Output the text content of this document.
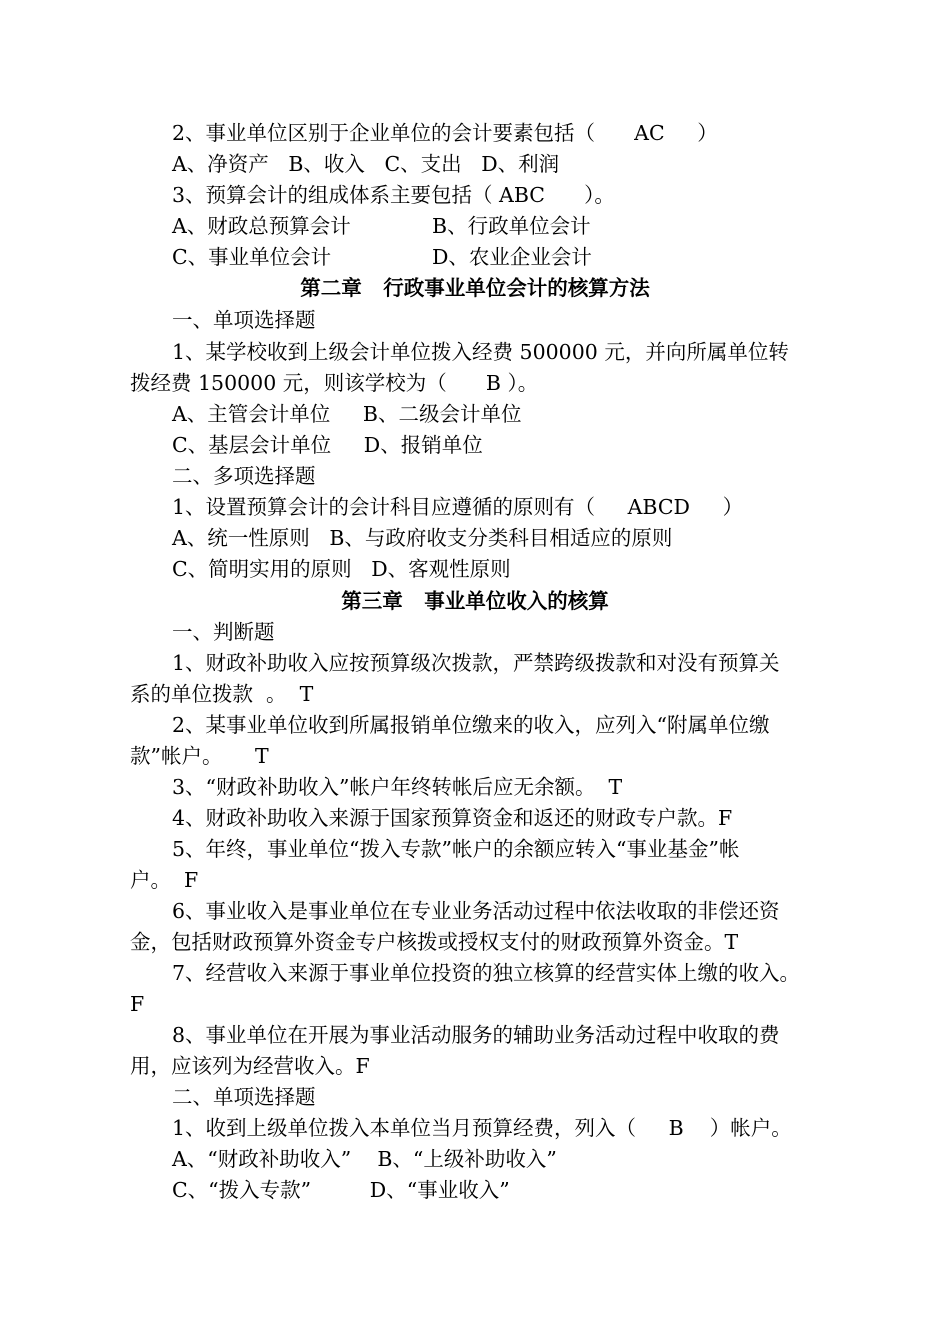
2、事业单位区别于企业单位的会计要素包括（      AC     ）
A、净资产   B、收入   C、支出   D、利润
3、预算会计的组成体系主要包括（ ABC      ）。
A、财政总预算会计	B、行政单位会计
C、事业单位会计	D、农业企业会计
第二章   行政事业单位会计的核算方法
一、单项选择题
1、某学校收到上级会计单位拨入经费 500000 元，并向所属单位转
拨经费 150000 元，则该学校为（      B ）。
A、主管会计单位     B、二级会计单位
C、基层会计单位     D、报销单位
二、多项选择题
1、设置预算会计的会计科目应遵循的原则有（     ABCD     ）
A、统一性原则   B、与政府收支分类科目相适应的原则
C、简明实用的原则   D、客观性原则
第三章   事业单位收入的核算
一、判断题
1、财政补助收入应按预算级次拨款，严禁跨级拨款和对没有预算关
系的单位拨款  。  T
2、某事业单位收到所属报销单位缴来的收入，应列入“附属单位缴
款”帐户。     T
3、“财政补助收入”帐户年终转帐后应无余额。  T
4、财政补助收入来源于国家预算资金和返还的财政专户款。F
5、年终，事业单位“拨入专款”帐户的余额应转入“事业基金”帐
户。  F
6、事业收入是事业单位在专业业务活动过程中依法收取的非偿还资
金，包括财政预算外资金专户核拨或授权支付的财政预算外资金。T
7、经营收入来源于事业单位投资的独立核算的经营实体上缴的收入。
F
8、事业单位在开展为事业活动服务的辅助业务活动过程中收取的费
用，应该列为经营收入。F
二、单项选择题
1、收到上级单位拨入本单位当月预算经费，列入（     B    ）帐户。
A、“财政补助收入”    B、“上级补助收入”
C、“拨入专款”         D、“事业收入”
